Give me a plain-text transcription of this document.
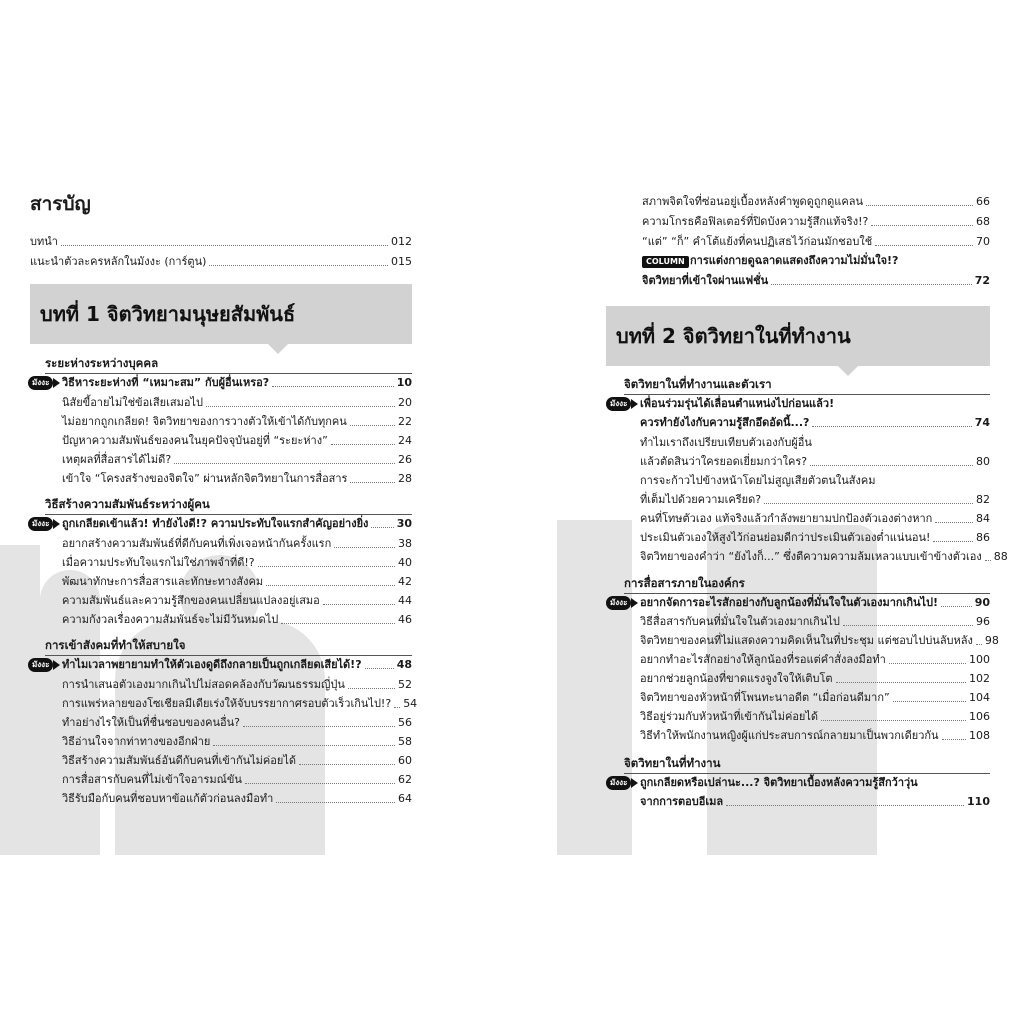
สารบัญ
บทนำ	012
แนะนำตัวละครหลักในมังงะ (การ์ตูน)	015
บทที่ 1 จิตวิทยามนุษยสัมพันธ์
ระยะห่างระหว่างบุคคล
มังงะ	วิธีหาระยะห่างที่ “เหมาะสม” กับผู้อื่นเหรอ?	10
นิสัยขี้อายไม่ใช่ข้อเสียเสมอไป	20
ไม่อยากถูกเกลียด! จิตวิทยาของการวางตัวให้เข้าได้กับทุกคน	22
ปัญหาความสัมพันธ์ของคนในยุคปัจจุบันอยู่ที่ “ระยะห่าง”	24
เหตุผลที่สื่อสารได้ไม่ดี?	26
เข้าใจ “โครงสร้างของจิตใจ” ผ่านหลักจิตวิทยาในการสื่อสาร	28
วิธีสร้างความสัมพันธ์ระหว่างผู้คน
มังงะ	ถูกเกลียดเข้าแล้ว! ทำยังไงดี!? ความประทับใจแรกสำคัญอย่างยิ่ง	30
อยากสร้างความสัมพันธ์ที่ดีกับคนที่เพิ่งเจอหน้ากันครั้งแรก	38
เมื่อความประทับใจแรกไม่ใช่ภาพจำที่ดี!?	40
พัฒนาทักษะการสื่อสารและทักษะทางสังคม	42
ความสัมพันธ์และความรู้สึกของคนเปลี่ยนแปลงอยู่เสมอ	44
ความกังวลเรื่องความสัมพันธ์จะไม่มีวันหมดไป	46
การเข้าสังคมที่ทำให้สบายใจ
มังงะ	ทำไมเวลาพยายามทำให้ตัวเองดูดีถึงกลายเป็นถูกเกลียดเสียได้!?	48
การนำเสนอตัวเองมากเกินไปไม่สอดคล้องกับวัฒนธรรมญี่ปุ่น	52
การแพร่หลายของโซเชียลมีเดียเร่งให้จับบรรยากาศรอบตัวเร็วเกินไป!? 54
ทำอย่างไรให้เป็นที่ชื่นชอบของคนอื่น?	56
วิธีอ่านใจจากท่าทางของอีกฝ่าย	58
วิธีสร้างความสัมพันธ์อันดีกับคนที่เข้ากันไม่ค่อยได้	60
การสื่อสารกับคนที่ไม่เข้าใจอารมณ์ขัน	62
วิธีรับมือกับคนที่ชอบหาข้อแก้ตัวก่อนลงมือทำ	64
สภาพจิตใจที่ซ่อนอยู่เบื้องหลังคำพูดดูถูกดูแคลน	66
ความโกรธคือฟิลเตอร์ที่ปิดบังความรู้สึกแท้จริง!?	68
“แต่” “ก็” คำโต้แย้งที่คนปฏิเสธไว้ก่อนมักชอบใช้	70
COLUMN การแต่งกายดูฉลาดแสดงถึงความไม่มั่นใจ!?
จิตวิทยาที่เข้าใจผ่านแฟชั่น	72
บทที่ 2 จิตวิทยาในที่ทำงาน
จิตวิทยาในที่ทำงานและตัวเรา
มังงะ	เพื่อนร่วมรุ่นได้เลื่อนตำแหน่งไปก่อนแล้ว!
ควรทำยังไงกับความรู้สึกอึดอัดนี้...?	74
ทำไมเราถึงเปรียบเทียบตัวเองกับผู้อื่น
แล้วตัดสินว่าใครยอดเยี่ยมกว่าใคร?	80
การจะก้าวไปข้างหน้าโดยไม่สูญเสียตัวตนในสังคม
ที่เต็มไปด้วยความเครียด?	82
คนที่โทษตัวเอง แท้จริงแล้วกำลังพยายามปกป้องตัวเองต่างหาก	84
ประเมินตัวเองให้สูงไว้ก่อนย่อมดีกว่าประเมินตัวเองต่ำแน่นอน!	86
จิตวิทยาของคำว่า “ยังไงก็...” ซึ่งตีความความล้มเหลวแบบเข้าข้างตัวเอง 88
การสื่อสารภายในองค์กร
มังงะ	อยากจัดการอะไรสักอย่างกับลูกน้องที่มั่นใจในตัวเองมากเกินไป!	90
วิธีสื่อสารกับคนที่มั่นใจในตัวเองมากเกินไป	96
จิตวิทยาของคนที่ไม่แสดงความคิดเห็นในที่ประชุม แต่ชอบไปบ่นลับหลัง 98
อยากทำอะไรสักอย่างให้ลูกน้องที่รอแต่คำสั่งลงมือทำ	100
อยากช่วยลูกน้องที่ขาดแรงจูงใจให้เติบโต	102
จิตวิทยาของหัวหน้าที่โพนทะนาอดีต “เมื่อก่อนดีมาก”	104
วิธีอยู่ร่วมกับหัวหน้าที่เข้ากันไม่ค่อยได้	106
วิธีทำให้พนักงานหญิงผู้แก่ประสบการณ์กลายมาเป็นพวกเดียวกัน	108
จิตวิทยาในที่ทำงาน
มังงะ	ถูกเกลียดหรือเปล่านะ...? จิตวิทยาเบื้องหลังความรู้สึกว้าวุ่น
จากการตอบอีเมล	110
